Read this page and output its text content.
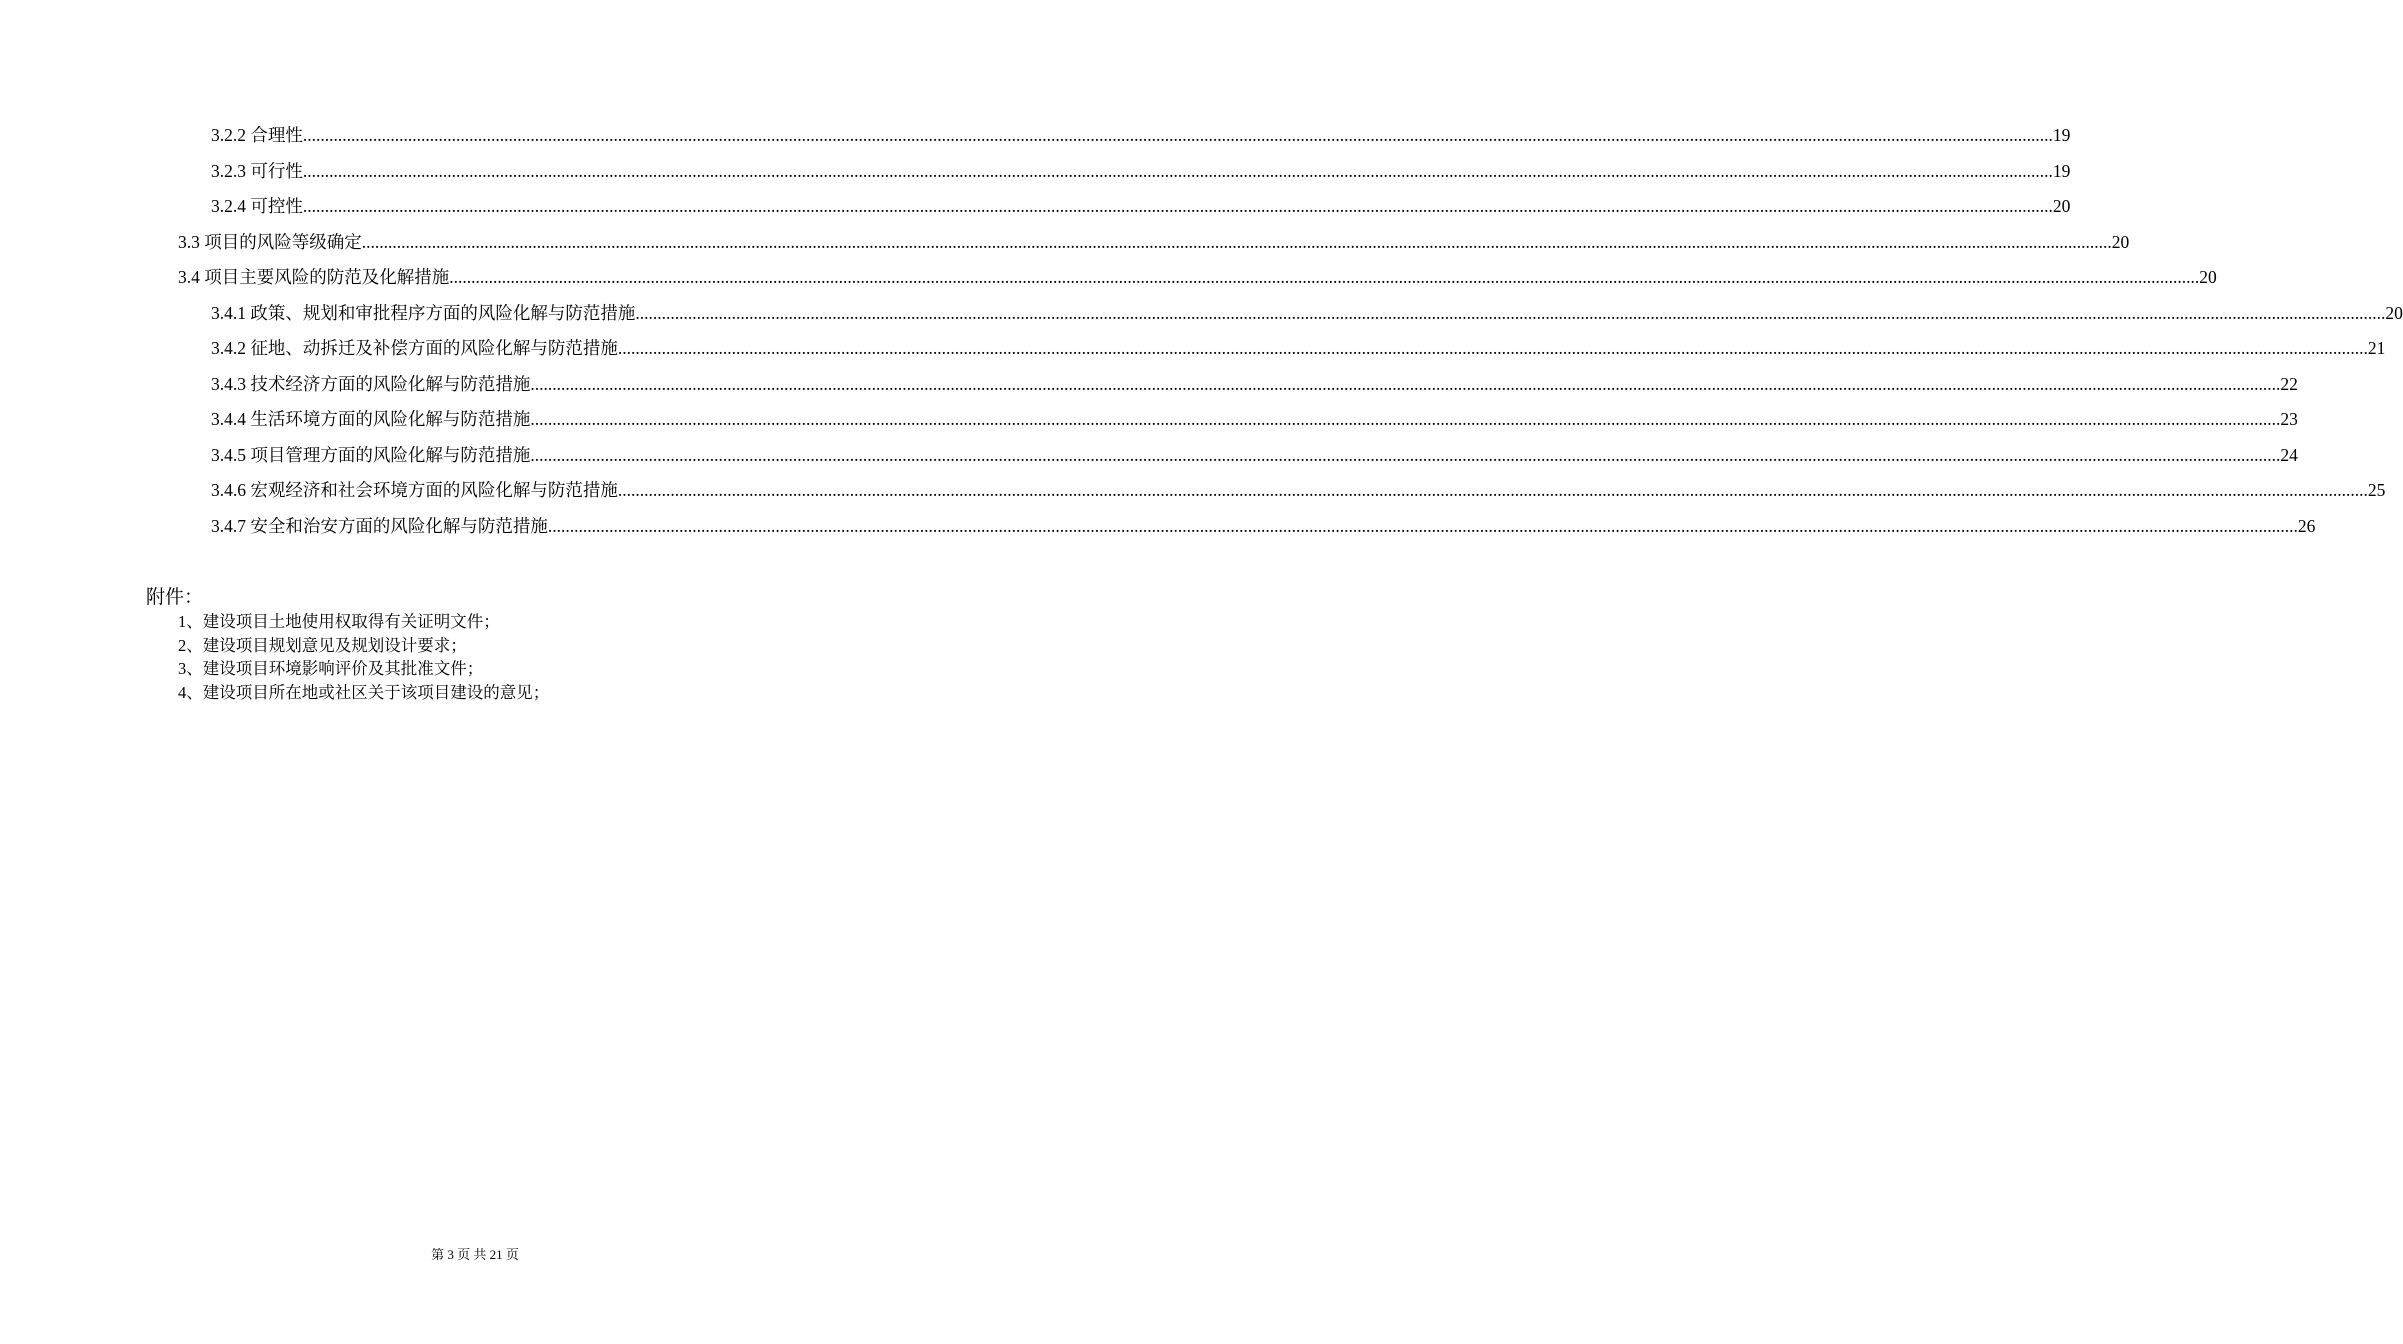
3.2.2 合理性 ................................................................................................................................................................................................................................................................................................................................................................................................................ 19
3.2.3 可行性 ................................................................................................................................................................................................................................................................................................................................................................................................................ 19
3.2.4 可控性 ................................................................................................................................................................................................................................................................................................................................................................................................................ 20
3.3 项目的风险等级确定 ................................................................................................................................................................................................................................................................................................................................................................................................................ 20
3.4 项目主要风险的防范及化解措施 ................................................................................................................................................................................................................................................................................................................................................................................................................ 20
3.4.1 政策、规划和审批程序方面的风险化解与防范措施 ................................................................................................................................................................................................................................................................................................................................................................................................................ 20
3.4.2 征地、动拆迁及补偿方面的风险化解与防范措施 ................................................................................................................................................................................................................................................................................................................................................................................................................ 21
3.4.3 技术经济方面的风险化解与防范措施 ................................................................................................................................................................................................................................................................................................................................................................................................................ 22
3.4.4 生活环境方面的风险化解与防范措施 ................................................................................................................................................................................................................................................................................................................................................................................................................ 23
3.4.5 项目管理方面的风险化解与防范措施 ................................................................................................................................................................................................................................................................................................................................................................................................................ 24
3.4.6 宏观经济和社会环境方面的风险化解与防范措施 ................................................................................................................................................................................................................................................................................................................................................................................................................ 25
3.4.7 安全和治安方面的风险化解与防范措施 ................................................................................................................................................................................................................................................................................................................................................................................................................ 26
附件：
1、建设项目土地使用权取得有关证明文件；
2、建设项目规划意见及规划设计要求；
3、建设项目环境影响评价及其批准文件；
4、建设项目所在地或社区关于该项目建设的意见；
第 3 页 共 21 页
